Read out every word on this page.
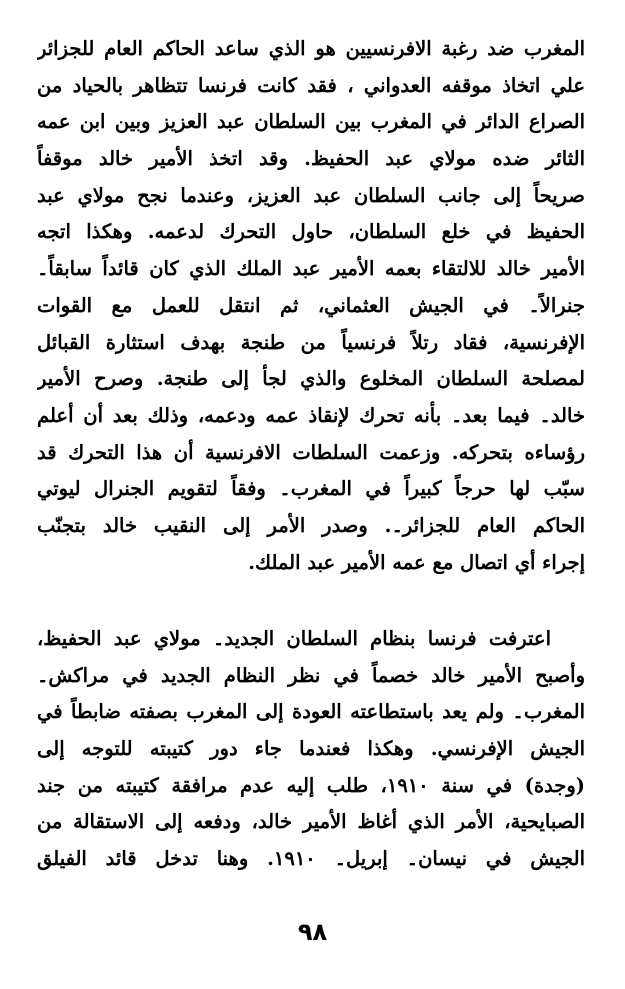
المغرب ضد رغبة الافرنسيين هو الذي ساعد الحاكم العام للجزائر
علي اتخاذ موقفه العدواني ، فقد كانت فرنسا تتظاهر بالحياد من
الصراع الدائر في المغرب بين السلطان عبد العزيز وبين ابن عمه
الثائر ضده مولاي عبد الحفيظ. وقد اتخذ الأمير خالد موقفاً
صريحاً إلى جانب السلطان عبد العزيز، وعندما نجح مولاي عبد
الحفيظ في خلع السلطان، حاول التحرك لدعمه. وهكذا اتجه
الأمير خالد للالتقاء بعمه الأمير عبد الملك الذي كان قائداً سابقاً۔
جنرالاً۔ في الجيش العثماني، ثم انتقل للعمل مع القوات
الإفرنسية، فقاد رتلاً فرنسياً من طنجة بهدف استثارة القبائل
لمصلحة السلطان المخلوع والذي لجأ إلى طنجة. وصرح الأمير
خالد۔ فيما بعد۔ بأنه تحرك لإنقاذ عمه ودعمه، وذلك بعد أن أعلم
رؤساءه بتحركه. وزعمت السلطات الافرنسية أن هذا التحرك قد
سبّب لها حرجاً كبيراً في المغرب۔ وفقاً لتقويم الجنرال ليوتي
الحاكم العام للجزائر۔. وصدر الأمر إلى النقيب خالد بتجنّب
إجراء أي اتصال مع عمه الأمير عبد الملك.
اعترفت فرنسا بنظام السلطان الجديد۔ مولاي عبد الحفيظ،
وأصبح الأمير خالد خصماً في نظر النظام الجديد في مراكش۔
المغرب۔ ولم يعد باستطاعته العودة إلى المغرب بصفته ضابطاً في
الجيش الإفرنسي. وهكذا فعندما جاء دور كتيبته للتوجه إلى
(وجدة) في سنة ١٩١٠، طلب إليه عدم مرافقة كتيبته من جند
الصبايحية، الأمر الذي أغاظ الأمير خالد، ودفعه إلى الاستقالة من
الجيش في نيسان۔ إبريل۔ ١٩١٠. وهنا تدخل قائد الفيلق
٩٨
